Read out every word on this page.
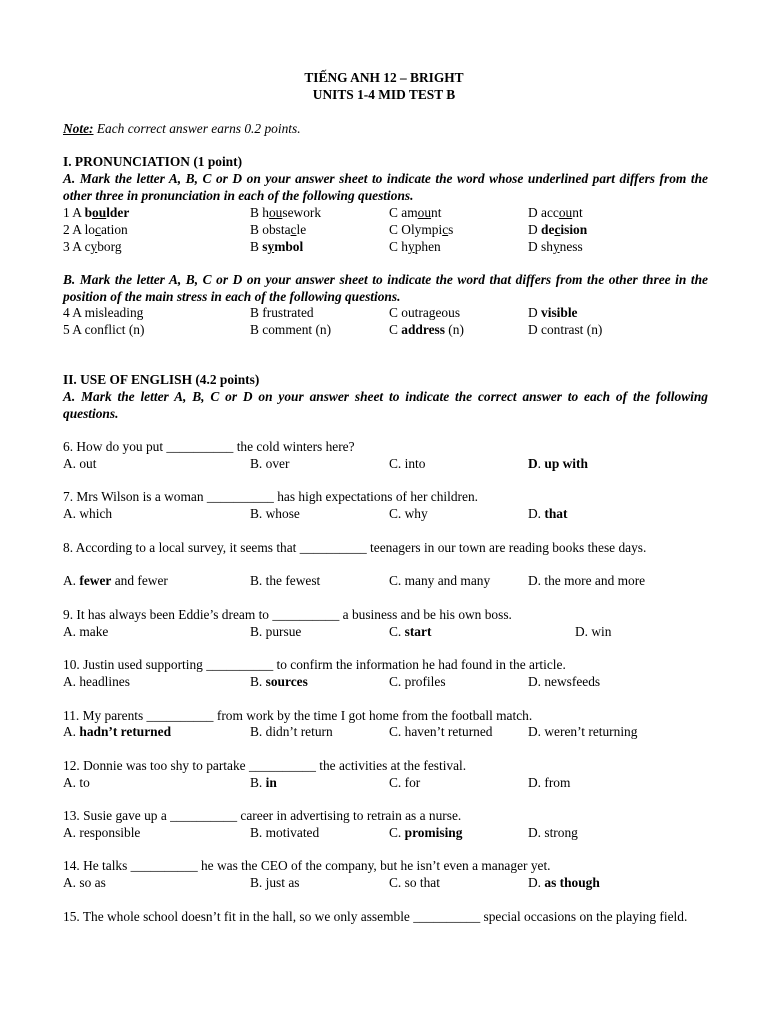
TIẾNG ANH 12 – BRIGHT
UNITS 1-4 MID TEST B
Note: Each correct answer earns 0.2 points.
I. PRONUNCIATION (1 point)
A. Mark the letter A, B, C or D on your answer sheet to indicate the word whose underlined part differs from the other three in pronunciation in each of the following questions.
1 A boulder	B housework	C amount	D account
2 A location	B obstacle	C Olympics	D decision
3 A cyborg	B symbol	C hyphen	D shyness
B. Mark the letter A, B, C or D on your answer sheet to indicate the word that differs from the other three in the position of the main stress in each of the following questions.
4 A misleading	B frustrated	C outrageous	D visible
5 A conflict (n)	B comment (n)	C address (n)	D contrast (n)
II. USE OF ENGLISH (4.2 points)
A. Mark the letter A, B, C or D on your answer sheet to indicate the correct answer to each of the following questions.
6. How do you put __________ the cold winters here?
A. out	B. over	C. into	D. up with
7. Mrs Wilson is a woman __________ has high expectations of her children.
A. which	B. whose	C. why	D. that
8. According to a local survey, it seems that __________ teenagers in our town are reading books these days.
A. fewer and fewer	B. the fewest	C. many and many	D. the more and more
9. It has always been Eddie’s dream to __________ a business and be his own boss.
A. make	B. pursue	C. start	D. win
10. Justin used supporting __________ to confirm the information he had found in the article.
A. headlines	B. sources	C. profiles	D. newsfeeds
11. My parents __________ from work by the time I got home from the football match.
A. hadn’t returned	B. didn’t return	C. haven’t returned	D. weren’t returning
12. Donnie was too shy to partake __________ the activities at the festival.
A. to	B. in	C. for	D. from
13. Susie gave up a __________ career in advertising to retrain as a nurse.
A. responsible	B. motivated	C. promising	D. strong
14. He talks __________ he was the CEO of the company, but he isn’t even a manager yet.
A. so as	B. just as	C. so that	D. as though
15. The whole school doesn’t fit in the hall, so we only assemble __________ special occasions on the playing field.
